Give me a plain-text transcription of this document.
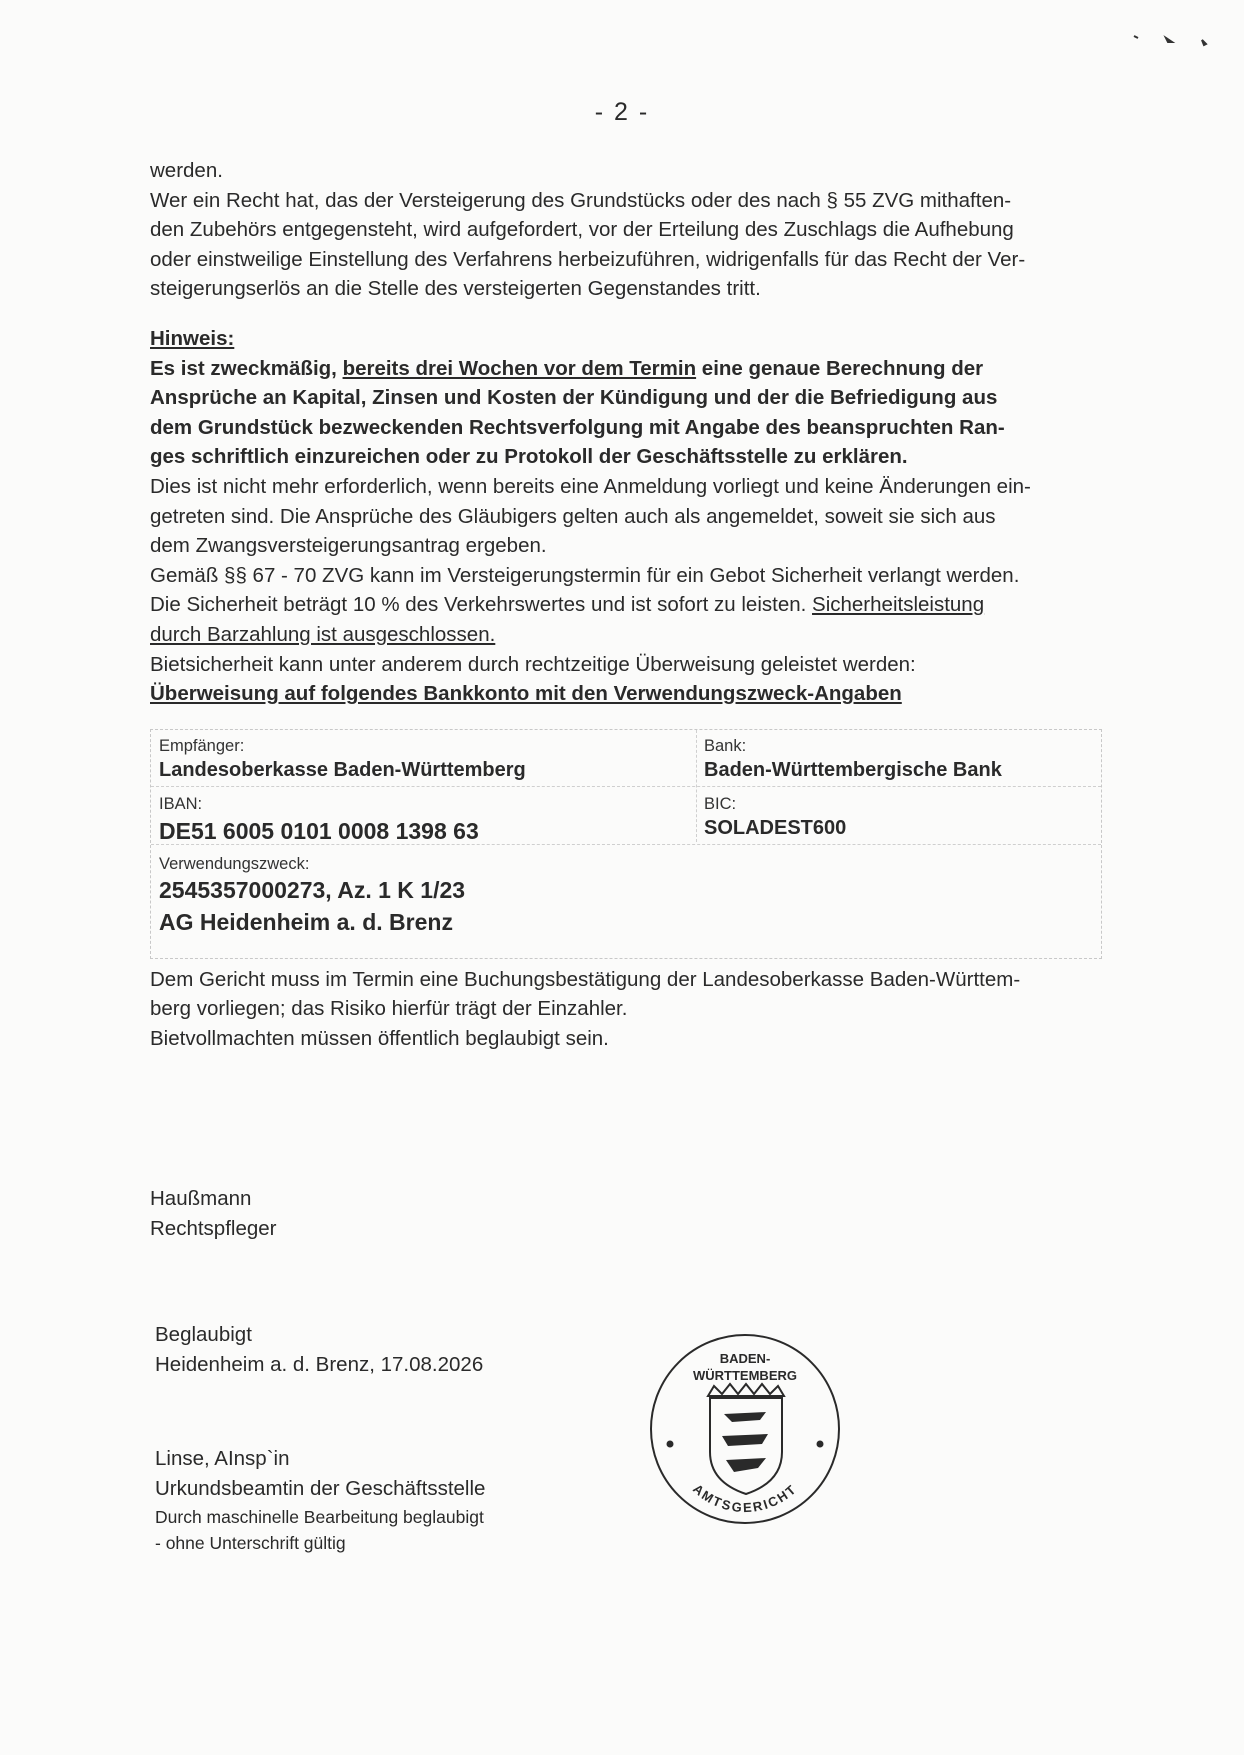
- 2 -

werden.

Wer ein Recht hat, das der Versteigerung des Grundstücks oder des nach § 55 ZVG mithaften-

den Zubehörs entgegensteht, wird aufgefordert, vor der Erteilung des Zuschlags die Aufhebung

oder einstweilige Einstellung des Verfahrens herbeizuführen, widrigenfalls für das Recht der Ver-

steigerungserlös an die Stelle des versteigerten Gegenstandes tritt.

Hinweis:

Es ist zweckmäßig, bereits drei Wochen vor dem Termin eine genaue Berechnung der

Ansprüche an Kapital, Zinsen und Kosten der Kündigung und der die Befriedigung aus

dem Grundstück bezweckenden Rechtsverfolgung mit Angabe des beanspruchten Ran-

ges schriftlich einzureichen oder zu Protokoll der Geschäftsstelle zu erklären.

Dies ist nicht mehr erforderlich, wenn bereits eine Anmeldung vorliegt und keine Änderungen ein-

getreten sind. Die Ansprüche des Gläubigers gelten auch als angemeldet, soweit sie sich aus

dem Zwangsversteigerungsantrag ergeben.

Gemäß §§ 67 - 70 ZVG kann im Versteigerungstermin für ein Gebot Sicherheit verlangt werden.

Die Sicherheit beträgt 10 % des Verkehrswertes und ist sofort zu leisten. Sicherheitsleistung

durch Barzahlung ist ausgeschlossen.

Bietsicherheit kann unter anderem durch rechtzeitige Überweisung geleistet werden:

Überweisung auf folgendes Bankkonto mit den Verwendungszweck-Angaben

Empfänger:
Landesoberkasse Baden-Württemberg
Bank:
Baden-Württembergische Bank
IBAN:
DE51 6005 0101 0008 1398 63
BIC:
SOLADEST600
Verwendungszweck:
2545357000273, Az. 1 K 1/23
AG Heidenheim a. d. Brenz

Dem Gericht muss im Termin eine Buchungsbestätigung der Landesoberkasse Baden-Württem-

berg vorliegen; das Risiko hierfür trägt der Einzahler.

Bietvollmachten müssen öffentlich beglaubigt sein.

Haußmann
Rechtspfleger
Beglaubigt
Heidenheim a. d. Brenz, 17.08.2026
Linse, AInsp`in
Urkundsbeamtin der Geschäftsstelle
Durch maschinelle Bearbeitung beglaubigt
- ohne Unterschrift gültig
BADEN-
WÜRTTEMBERG
AMTSGERICHT
